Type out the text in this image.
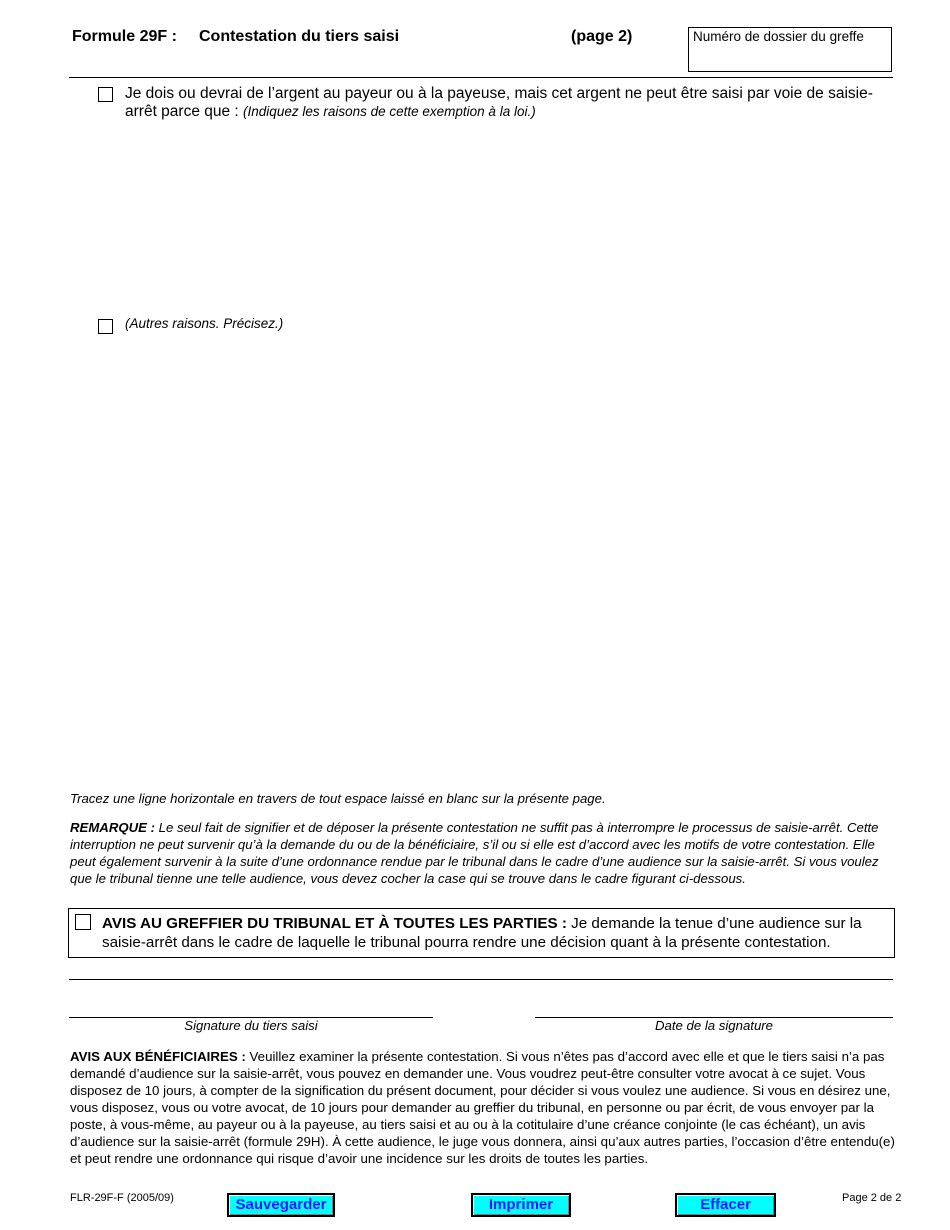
Formule 29F : Contestation du tiers saisi	(page 2)	Numéro de dossier du greffe
Je dois ou devrai de l’argent au payeur ou à la payeuse, mais cet argent ne peut être saisi par voie de saisie-arrêt parce que : (Indiquez les raisons de cette exemption à la loi.)
(Autres raisons. Précisez.)
Tracez une ligne horizontale en travers de tout espace laissé en blanc sur la présente page.
REMARQUE : Le seul fait de signifier et de déposer la présente contestation ne suffit pas à interrompre le processus de saisie-arrêt. Cette interruption ne peut survenir qu’à la demande du ou de la bénéficiaire, s’il ou si elle est d’accord avec les motifs de votre contestation. Elle peut également survenir à la suite d’une ordonnance rendue par le tribunal dans le cadre d’une audience sur la saisie-arrêt. Si vous voulez que le tribunal tienne une telle audience, vous devez cocher la case qui se trouve dans le cadre figurant ci-dessous.
AVIS AU GREFFIER DU TRIBUNAL ET À TOUTES LES PARTIES : Je demande la tenue d’une audience sur la saisie-arrêt dans le cadre de laquelle le tribunal pourra rendre une décision quant à la présente contestation.
Signature du tiers saisi	Date de la signature
AVIS AUX BÉNÉFICIAIRES : Veuillez examiner la présente contestation. Si vous n’êtes pas d’accord avec elle et que le tiers saisi n’a pas demandé d’audience sur la saisie-arrêt, vous pouvez en demander une. Vous voudrez peut-être consulter votre avocat à ce sujet. Vous disposez de 10 jours, à compter de la signification du présent document, pour décider si vous voulez une audience. Si vous en désirez une, vous disposez, vous ou votre avocat, de 10 jours pour demander au greffier du tribunal, en personne ou par écrit, de vous envoyer par la poste, à vous-même, au payeur ou à la payeuse, au tiers saisi et au ou à la cotitulaire d’une créance conjointe (le cas échéant), un avis d’audience sur la saisie-arrêt (formule 29H). À cette audience, le juge vous donnera, ainsi qu’aux autres parties, l’occasion d’être entendu(e) et peut rendre une ordonnance qui risque d’avoir une incidence sur les droits de toutes les parties.
FLR-29F-F (2005/09)	Sauvegarder	Imprimer	Effacer	Page 2 de 2
